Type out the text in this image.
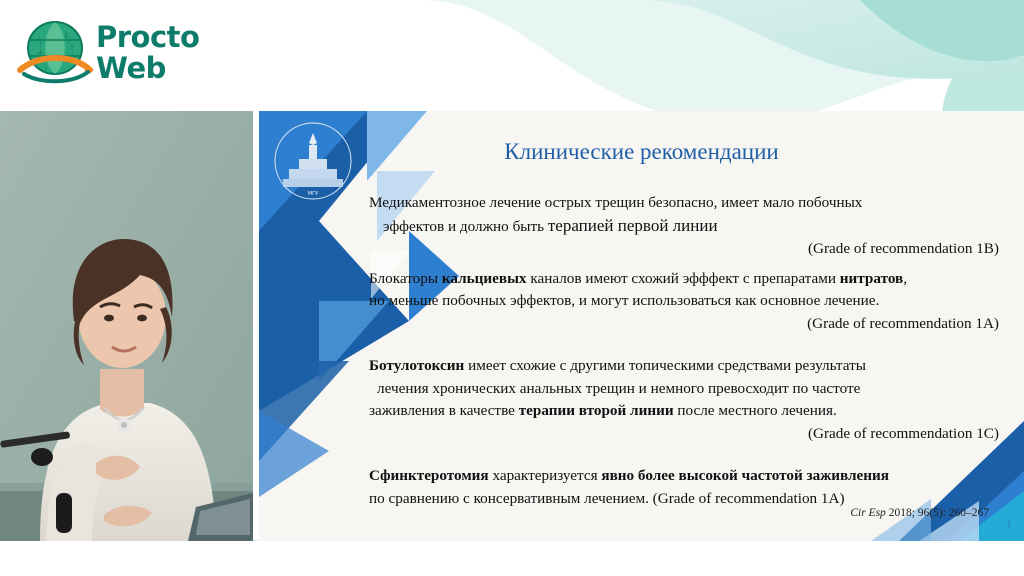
Procto
Web
МГУ
Клинические рекомендации

Медикаментозное лечение острых трещин безопасно, имеет мало побочных

эффектов и должно быть терапией первой линии

(Grade of recommendation 1B)

Блокаторы кальциевых каналов имеют схожий эфффект с препаратами нитратов,

но меньше побочных эффектов, и могут использоваться как основное лечение.

(Grade of recommendation 1A)

Ботулотоксин имеет схожие с другими топическими средствами результаты

лечения хронических анальных трещин и немного превосходит по частоте

заживления в качестве терапии второй линии после местного лечения.

(Grade of recommendation 1C)

Сфинктеротомия характеризуется явно более высокой частотой заживления

по сравнению с консервативным лечением. (Grade of recommendation 1A)

Cir Esp 2018; 96(5): 260–267
1
